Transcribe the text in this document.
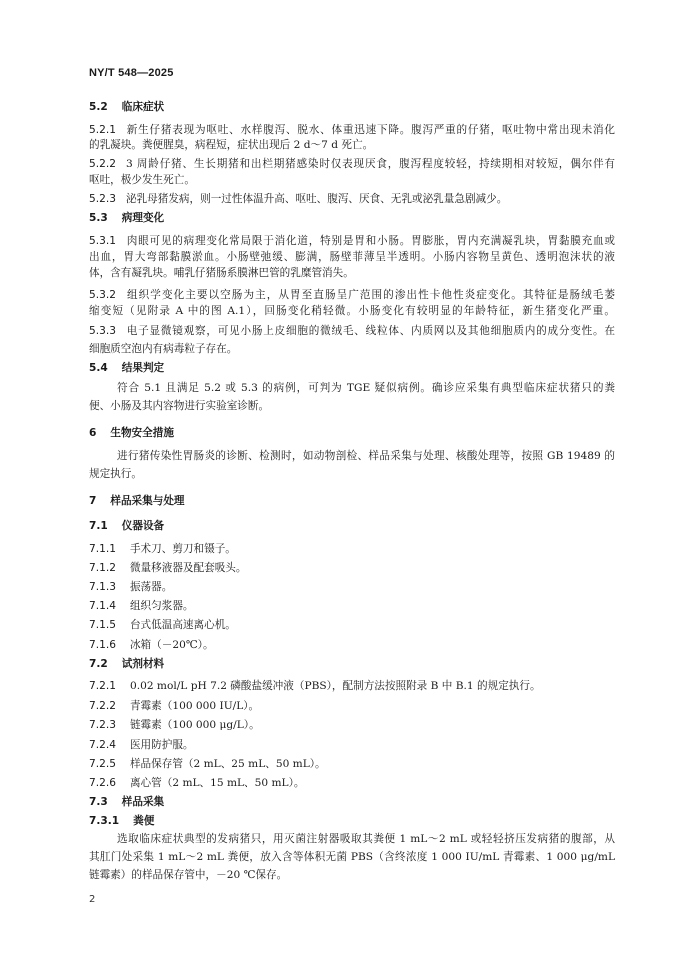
NY/T 548—2025
5.2 临床症状
5.2.1 新生仔猪表现为呕吐、水样腹泻、脱水、体重迅速下降。腹泻严重的仔猪，呕吐物中常出现未消化
的乳凝块。粪便腥臭，病程短，症状出现后 2 d～7 d 死亡。
5.2.2 3 周龄仔猪、生长期猪和出栏期猪感染时仅表现厌食，腹泻程度较轻，持续期相对较短，偶尔伴有
呕吐，极少发生死亡。
5.2.3 泌乳母猪发病，则一过性体温升高、呕吐、腹泻、厌食、无乳或泌乳量急剧减少。
5.3 病理变化
5.3.1 肉眼可见的病理变化常局限于消化道，特别是胃和小肠。胃膨胀，胃内充满凝乳块，胃黏膜充血或
出血，胃大弯部黏膜淤血。小肠壁弛缓、膨满，肠壁菲薄呈半透明。小肠内容物呈黄色、透明泡沫状的液
体，含有凝乳块。哺乳仔猪肠系膜淋巴管的乳糜管消失。
5.3.2 组织学变化主要以空肠为主，从胃至直肠呈广范围的渗出性卡他性炎症变化。其特征是肠绒毛萎
缩变短（见附录 A 中的图 A.1），回肠变化稍轻微。小肠变化有较明显的年龄特征，新生猪变化严重。
5.3.3 电子显微镜观察，可见小肠上皮细胞的微绒毛、线粒体、内质网以及其他细胞质内的成分变性。在
细胞质空泡内有病毒粒子存在。
5.4 结果判定
符合 5.1 且满足 5.2 或 5.3 的病例，可判为 TGE 疑似病例。确诊应采集有典型临床症状猪只的粪
便、小肠及其内容物进行实验室诊断。
6 生物安全措施
进行猪传染性胃肠炎的诊断、检测时，如动物剖检、样品采集与处理、核酸处理等，按照 GB 19489 的
规定执行。
7 样品采集与处理
7.1 仪器设备
7.1.1 手术刀、剪刀和镊子。
7.1.2 微量移液器及配套吸头。
7.1.3 振荡器。
7.1.4 组织匀浆器。
7.1.5 台式低温高速离心机。
7.1.6 冰箱（－20℃）。
7.2 试剂材料
7.2.1 0.02 mol/L pH 7.2 磷酸盐缓冲液（PBS），配制方法按照附录 B 中 B.1 的规定执行。
7.2.2 青霉素（100 000 IU/L）。
7.2.3 链霉素（100 000 μg/L）。
7.2.4 医用防护服。
7.2.5 样品保存管（2 mL、25 mL、50 mL）。
7.2.6 离心管（2 mL、15 mL、50 mL）。
7.3 样品采集
7.3.1 粪便
选取临床症状典型的发病猪只，用灭菌注射器吸取其粪便 1 mL～2 mL 或轻轻挤压发病猪的腹部，从
其肛门处采集 1 mL～2 mL 粪便，放入含等体积无菌 PBS（含终浓度 1 000 IU/mL 青霉素、1 000 μg/mL
链霉素）的样品保存管中，－20 ℃保存。
2
